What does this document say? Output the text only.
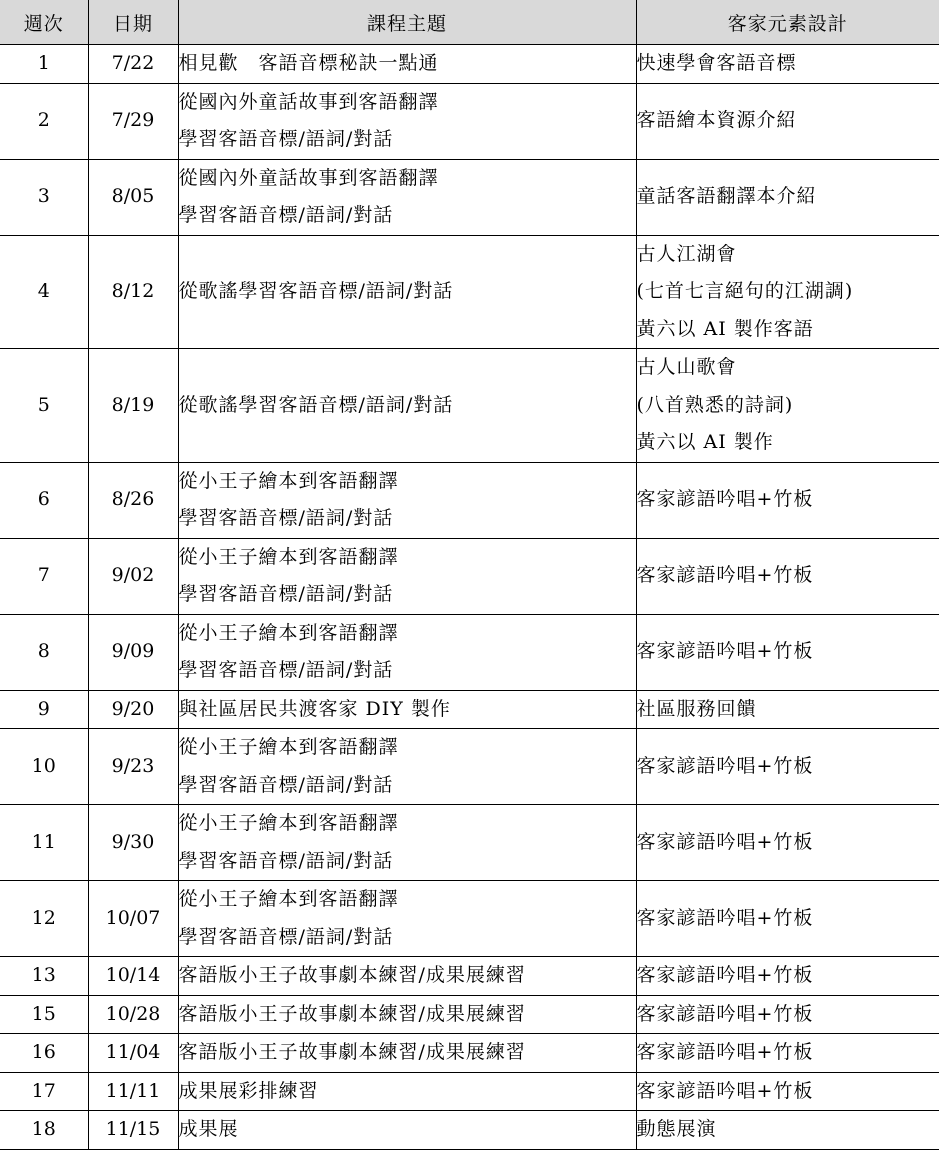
週次	日期	課程主題	客家元素設計

1	7/22	相見歡　客語音標秘訣一點通	快速學會客語音標

2	7/29	從國內外童話故事到客語翻譯
學習客語音標/語詞/對話	客語繪本資源介紹

3	8/05	從國內外童話故事到客語翻譯
學習客語音標/語詞/對話	童話客語翻譯本介紹

4	8/12	從歌謠學習客語音標/語詞/對話	古人江湖會
(七首七言絕句的江湖調)
黃六以 AI 製作客語

5	8/19	從歌謠學習客語音標/語詞/對話	古人山歌會
(八首熟悉的詩詞)
黃六以 AI 製作

6	8/26	從小王子繪本到客語翻譯
學習客語音標/語詞/對話	客家諺語吟唱+竹板

7	9/02	從小王子繪本到客語翻譯
學習客語音標/語詞/對話	客家諺語吟唱+竹板

8	9/09	從小王子繪本到客語翻譯
學習客語音標/語詞/對話	客家諺語吟唱+竹板

9	9/20	與社區居民共渡客家 DIY 製作	社區服務回饋

10	9/23	從小王子繪本到客語翻譯
學習客語音標/語詞/對話	客家諺語吟唱+竹板

11	9/30	從小王子繪本到客語翻譯
學習客語音標/語詞/對話	客家諺語吟唱+竹板

12	10/07	從小王子繪本到客語翻譯
學習客語音標/語詞/對話	客家諺語吟唱+竹板

13	10/14	客語版小王子故事劇本練習/成果展練習	客家諺語吟唱+竹板

15	10/28	客語版小王子故事劇本練習/成果展練習	客家諺語吟唱+竹板

16	11/04	客語版小王子故事劇本練習/成果展練習	客家諺語吟唱+竹板

17	11/11	成果展彩排練習	客家諺語吟唱+竹板

18	11/15	成果展	動態展演
